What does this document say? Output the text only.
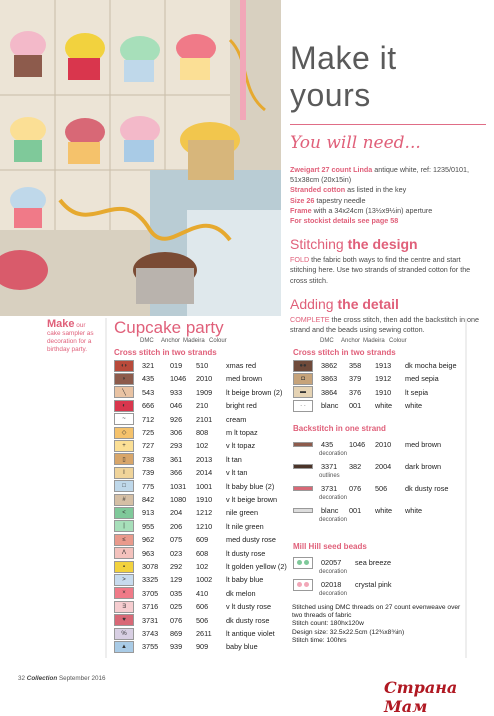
Make it yours
You will need...
Zweigart 27 count Linda antique white, ref: 1235/0101, 51x38cm (20x15in)
Stranded cotton as listed in the key
Size 26 tapestry needle
Frame with a 34x24cm (13½x9½in) aperture
For stockist details see page 58
Stitching the design
FOLD the fabric both ways to find the centre and start stitching here. Use two strands of stranded cotton for the cross stitch.
Adding the detail
COMPLETE the cross stitch, then add the backstitch in one strand and the beads using sewing cotton.
Make our cake sampler as decoration for a birthday party.
Cupcake party
DMC Anchor Madeira Colour	DMC Anchor Madeira Colour
Cross stitch in two strands	Cross stitch in two strands
Backstitch in one strand
Mill Hill seed beads
◖◗	321	019	510	xmas red
◗	435	1046	2010	med brown
╲	543	933	1909	lt beige brown (2)
◐	666	046	210	bright red
~	712	926	2101	cream
◇	725	306	808	m lt topaz
+	727	293	102	v lt topaz
▯	738	361	2013	lt tan
I	739	366	2014	v lt tan
□	775	1031	1001	lt baby blue (2)
#	842	1080	1910	v lt beige brown
<	913	204	1212	nile green
|	955	206	1210	lt nile green
≤	962	075	609	med dusty rose
Λ	963	023	608	lt dusty rose
▪	3078	292	102	lt golden yellow (2)
>	3325	129	1002	lt baby blue
×	3705	035	410	dk melon
∃	3716	025	606	v lt dusty rose
♥	3731	076	506	dk dusty rose
%	3743	869	2611	lt antique violet
▲	3755	939	909	baby blue
●●	3862	358	1913	dk mocha beige
◘	3863	379	1912	med sepia
▬	3864	376	1910	lt sepia
· ·	blanc	001	white	white
435	1046	2010	med brown
decoration
3371	382	2004	dark brown
outlines
3731	076	506	dk dusty rose
decoration
blanc	001	white	white
decoration
02057	sea breeze
decoration
02018	crystal pink
decoration
Stitched using DMC threads on 27 count evenweave over two threads of fabric
Stitch count: 180hx120w
Design size: 32.5x22.5cm (12¾x8¾in)
Stitch time: 100hrs
32 Collection September 2016	Страна Мам
